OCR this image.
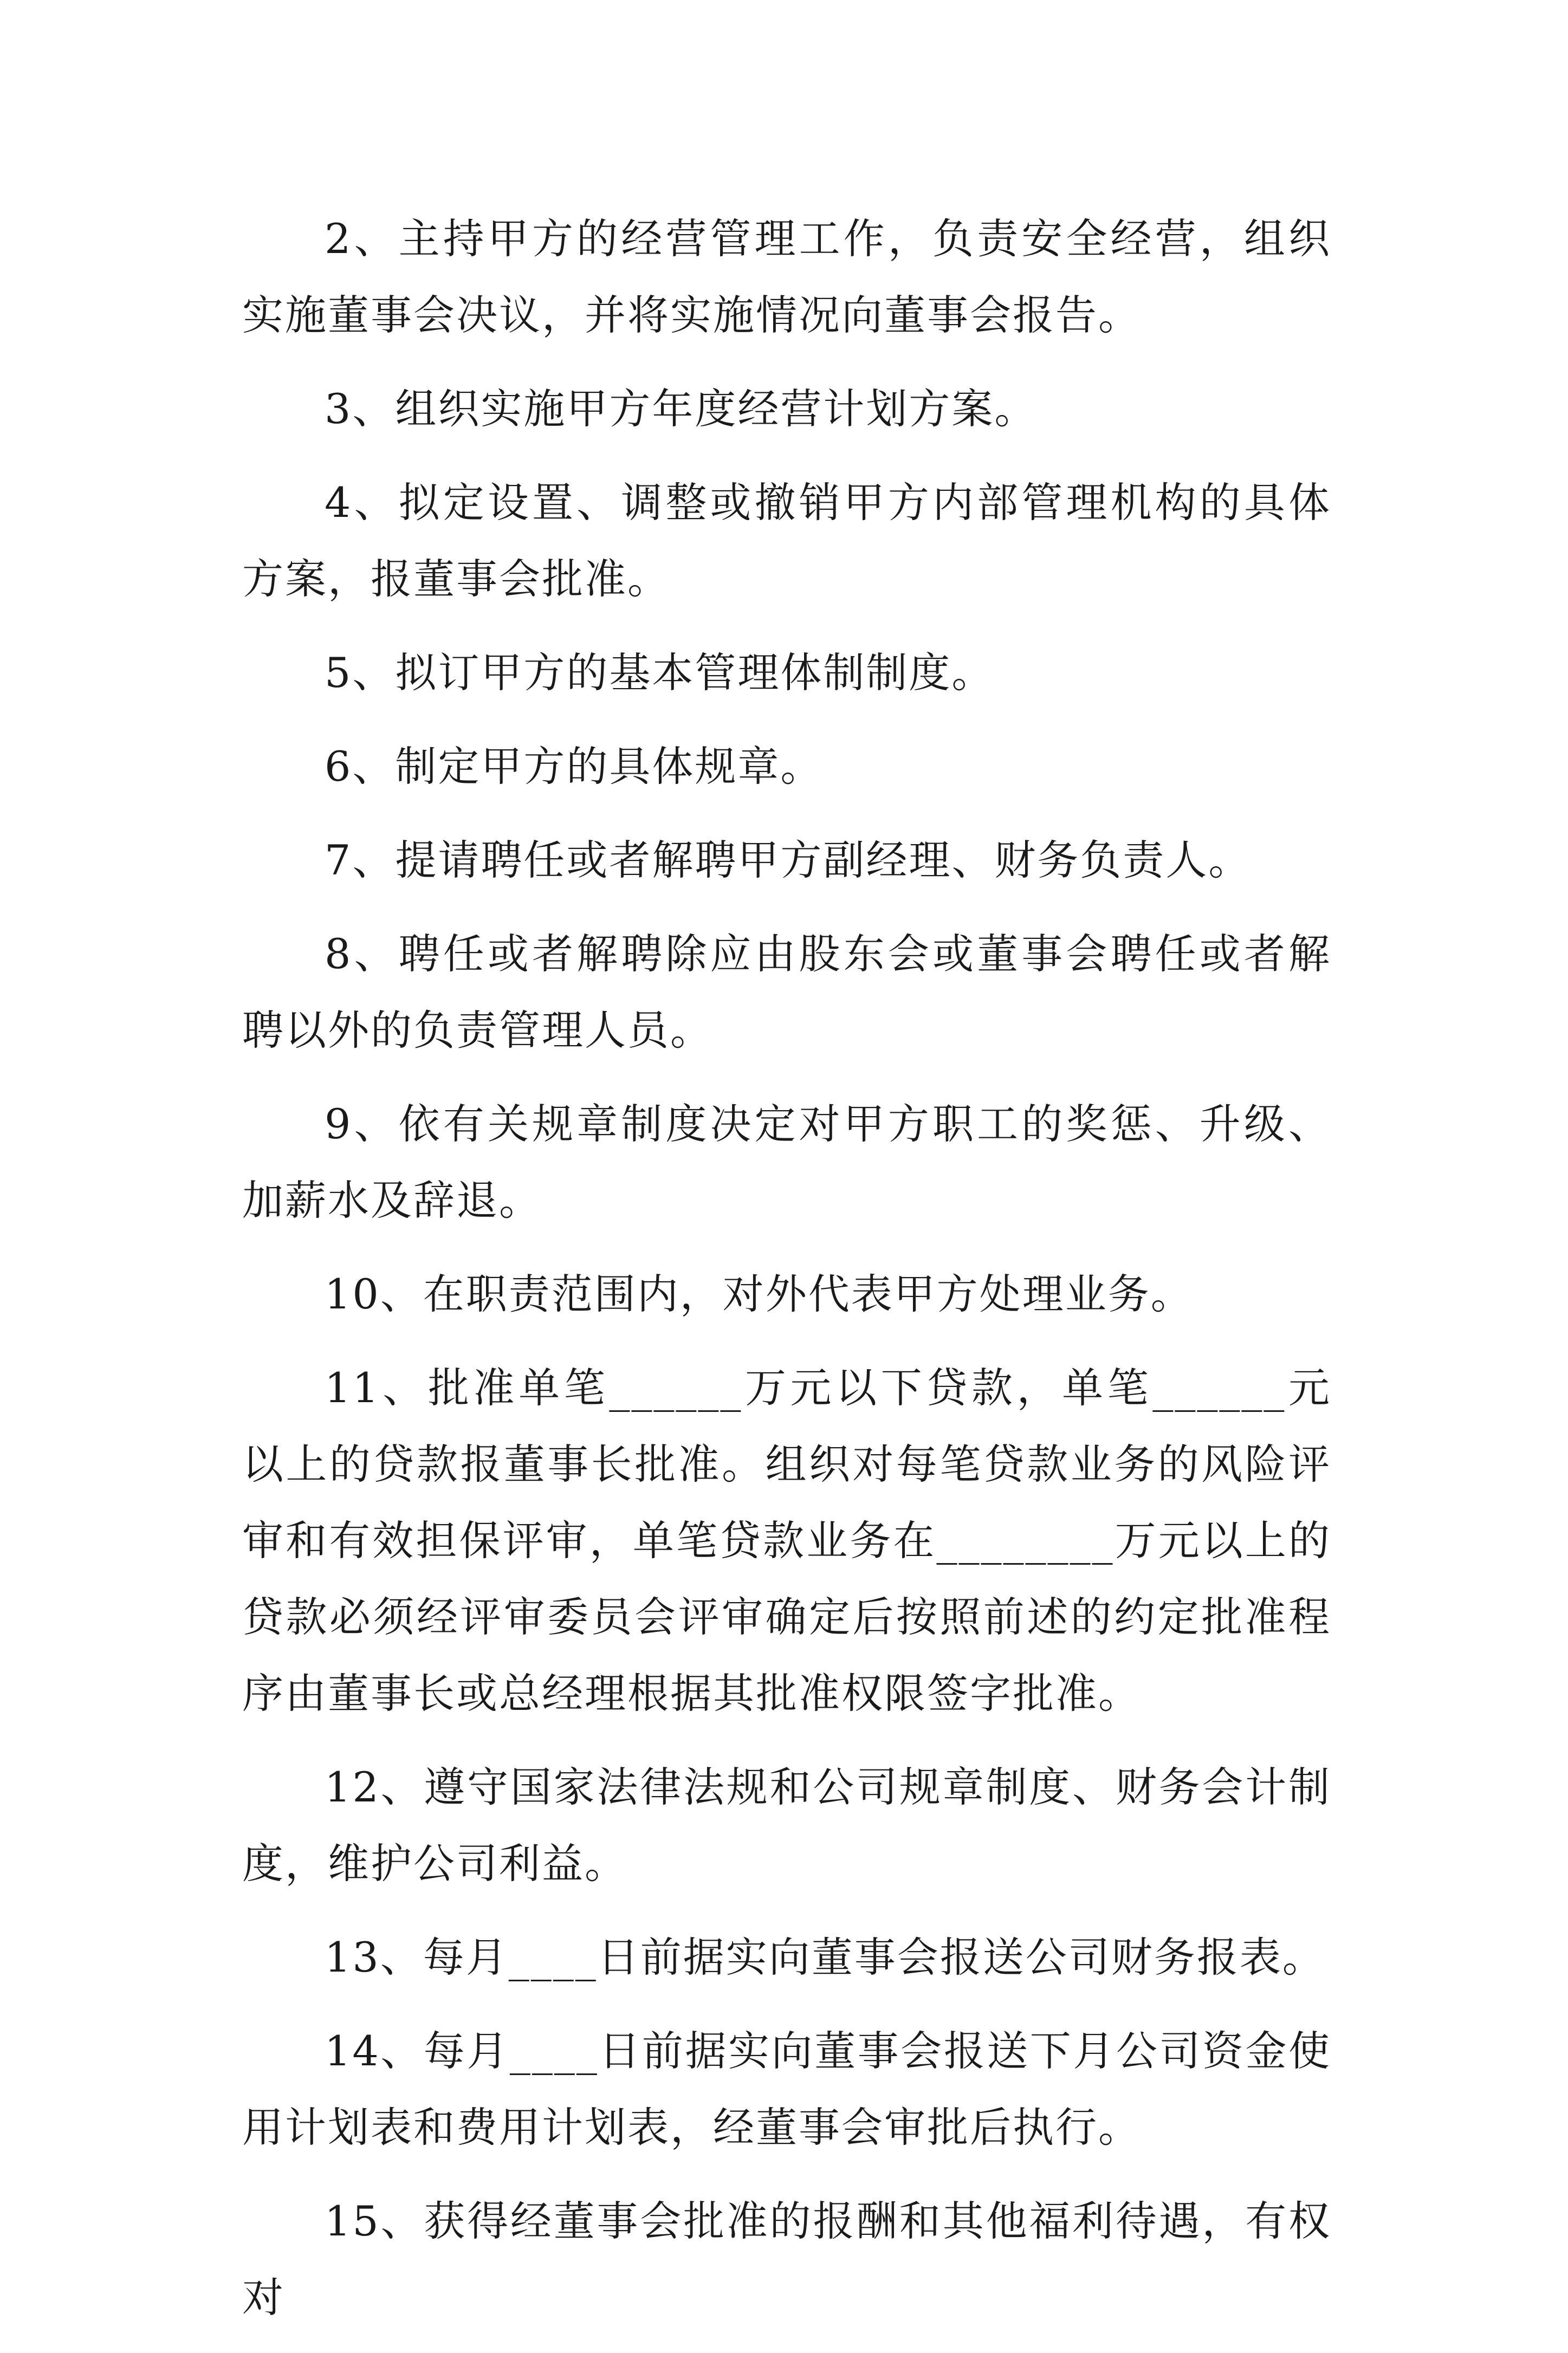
2、主持甲方的经营管理工作，负责安全经营，组织实施董事会决议，并将实施情况向董事会报告。

3、组织实施甲方年度经营计划方案。

4、拟定设置、调整或撤销甲方内部管理机构的具体方案，报董事会批准。

5、拟订甲方的基本管理体制制度。

6、制定甲方的具体规章。

7、提请聘任或者解聘甲方副经理、财务负责人。

8、聘任或者解聘除应由股东会或董事会聘任或者解聘以外的负责管理人员。

9、依有关规章制度决定对甲方职工的奖惩、升级、加薪水及辞退。

10、在职责范围内，对外代表甲方处理业务。

11、批准单笔______万元以下贷款，单笔______元以上的贷款报董事长批准。组织对每笔贷款业务的风险评审和有效担保评审，单笔贷款业务在________万元以上的贷款必须经评审委员会评审确定后按照前述的约定批准程序由董事长或总经理根据其批准权限签字批准。

12、遵守国家法律法规和公司规章制度、财务会计制度，维护公司利益。

13、每月____日前据实向董事会报送公司财务报表。

14、每月____日前据实向董事会报送下月公司资金使用计划表和费用计划表，经董事会审批后执行。

15、获得经董事会批准的报酬和其他福利待遇，有权对
